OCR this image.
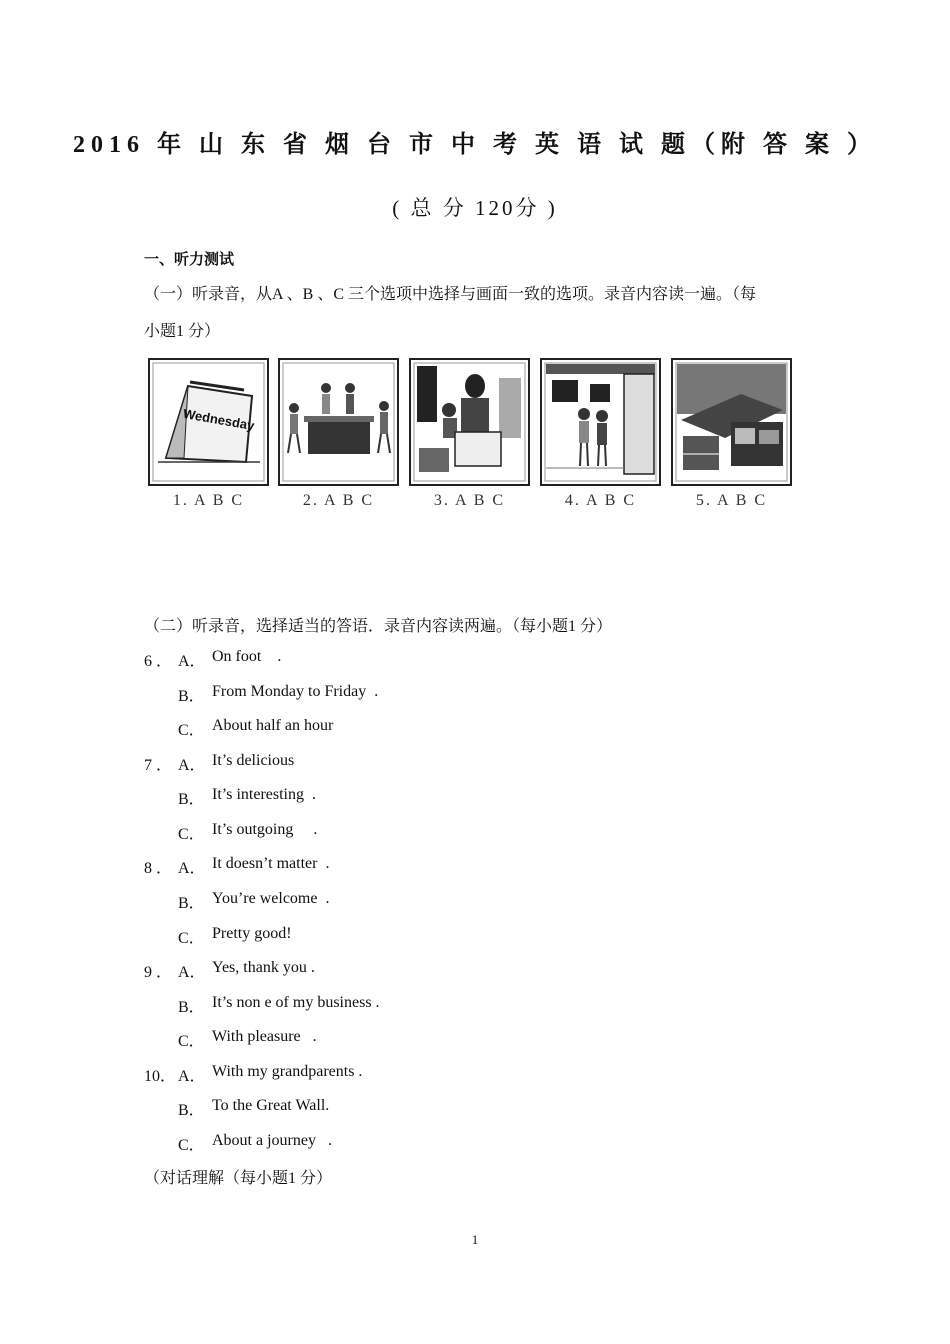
2016 年 山 东 省 烟 台 市 中 考 英 语 试 题（附 答 案 ）
( 总 分 120分 )
一、听力测试
（一）听录音，从A 、B 、C 三个选项中选择与画面一致的选项。录音内容读一遍。（每
小题1 分）
Wednesday
1. A B C	2. A B C	3. A B C	4. A B C	5. A B C
（二）听录音，选择适当的答语．录音内容读两遍。（每小题1 分）
6 ． A． On foot    .
B． From Monday to Friday  .
C． About half an hour
7 ． A． It’s delicious
B． It’s interesting  .
C． It’s outgoing     .
8 ． A． It doesn’t matter  .
B． You’re welcome  .
C． Pretty good!
9 ． A． Yes, thank you .
B． It’s non e of my business .
C． With pleasure   .
10． A． With my grandparents .
B． To the Great Wall.
C． About a journey   .
（对话理解（每小题1 分）
1
